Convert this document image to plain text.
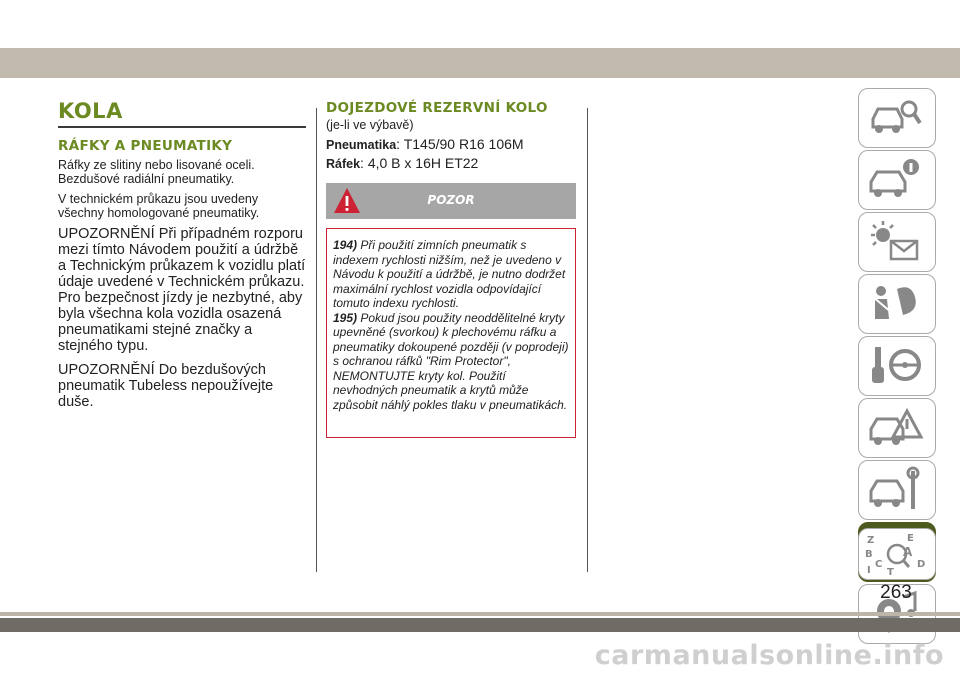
KOLA
RÁFKY A PNEUMATIKY

Ráfky ze slitiny nebo lisované oceli. Bezdušové radiální pneumatiky.

V technickém průkazu jsou uvedeny všechny homologované pneumatiky.

UPOZORNĚNÍ Při případném rozporu mezi tímto Návodem použití a údržbě a Technickým průkazem k vozidlu platí údaje uvedené v Technickém průkazu. Pro bezpečnost jízdy je nezbytné, aby byla všechna kola vozidla osazená pneumatikami stejné značky a stejného typu.

UPOZORNĚNÍ Do bezdušových pneumatik Tubeless nepoužívejte duše.

DOJEZDOVÉ REZERVNÍ KOLO
(je-li ve výbavě)
Pneumatika: T145/90 R16 106M
Ráfek: 4,0 B x 16H ET22
POZOR
194) Při použití zimních pneumatik s indexem rychlosti nižším, než je uvedeno v Návodu k použití a údržbě, je nutno dodržet maximální rychlost vozidla odpovídající tomuto indexu rychlosti.
195) Pokud jsou použity neoddělitelné kryty upevněné (svorkou) k plechovému ráfku a pneumatiky dokoupené později (v poprodeji) s ochranou ráfků "Rim Protector", NEMONTUJTE kryty kol. Použití nevhodných pneumatik a krytů může způsobit náhlý pokles tlaku v pneumatikách.
Z	E
B	A
C	D
I T
263
carmanualsonline.info
